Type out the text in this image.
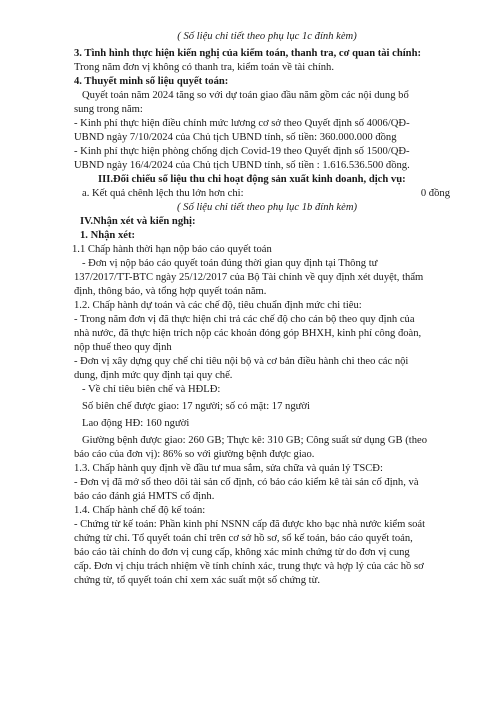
( Số liệu chi tiết theo phụ lục 1c đính kèm)
3. Tình hình thực hiện kiến nghị của kiểm toán, thanh tra, cơ quan tài chính:
Trong năm đơn vị không có thanh tra, kiểm toán về tài chính.
4. Thuyết minh số liệu quyết toán:
Quyết toán năm 2024 tăng so với dự toán giao đầu năm gồm các nội dung bổ
sung trong năm:
- Kinh phí thực hiện điều chỉnh mức lương cơ sở theo Quyết định số 4006/QĐ-
UBND ngày 7/10/2024 của Chủ tịch UBND tỉnh, số tiền: 360.000.000 đồng
- Kinh phí thực hiện phòng chống dịch Covid-19 theo Quyết định số 1500/QĐ-
UBND ngày 16/4/2024 của Chủ tịch UBND tỉnh, số tiền : 1.616.536.500 đồng.
III.Đối chiếu số liệu thu chi hoạt động sản xuất kinh doanh, dịch vụ:
a. Kết quả chênh lệch thu lớn hơn chi:	0 đồng
( Số liệu chi tiết theo phụ lục 1b đính kèm)
IV.Nhận xét và kiến nghị:
1. Nhận xét:
1.1 Chấp hành thời hạn nộp báo cáo quyết toán
- Đơn vị nộp báo cáo quyết toán đúng thời gian quy định tại Thông tư
137/2017/TT-BTC ngày 25/12/2017 của Bộ Tài chính về quy định xét duyệt, thẩm
định, thông báo, và tổng hợp quyết toán năm.
1.2. Chấp hành dự toán và các chế độ, tiêu chuẩn định mức chi tiêu:
- Trong năm đơn vị đã thực hiện chi trả các chế độ cho cán bộ theo quy định của
nhà nước, đã thực hiện trích nộp các khoản đóng góp BHXH, kinh phí công đoàn,
nộp thuế theo quy định
- Đơn vị xây dựng quy chế chi tiêu nội bộ và cơ bản điều hành chi theo các nội
dung, định mức quy định tại quy chế.
- Về chỉ tiêu biên chế và HĐLĐ:
Số biên chế được giao: 17 người; số có mặt: 17 người
Lao động HĐ: 160 người
Giường bệnh được giao: 260 GB; Thực kê: 310 GB; Công suất sử dụng GB (theo
báo cáo của đơn vị): 86% so với giường bệnh được giao.
1.3. Chấp hành quy định về đầu tư mua sắm, sửa chữa và quản lý TSCĐ:
- Đơn vị đã mở sổ theo dõi tài sản cố định, có báo cáo kiểm kê tài sản cố định, và
báo cáo đánh giá HMTS cố định.
1.4. Chấp hành chế độ kế toán:
- Chứng từ kế toán: Phần kinh phí NSNN cấp đã được kho bạc nhà nước kiểm soát
chứng từ chi. Tổ quyết toán chỉ trên cơ sở hồ sơ, sổ kế toán, báo cáo quyết toán,
báo cáo tài chính do đơn vị cung cấp, không xác minh chứng từ do đơn vị cung
cấp. Đơn vị chịu trách nhiệm về tính chính xác, trung thực và hợp lý của các hồ sơ
chứng từ, tổ quyết toán chỉ xem xác suất một số chứng từ.
